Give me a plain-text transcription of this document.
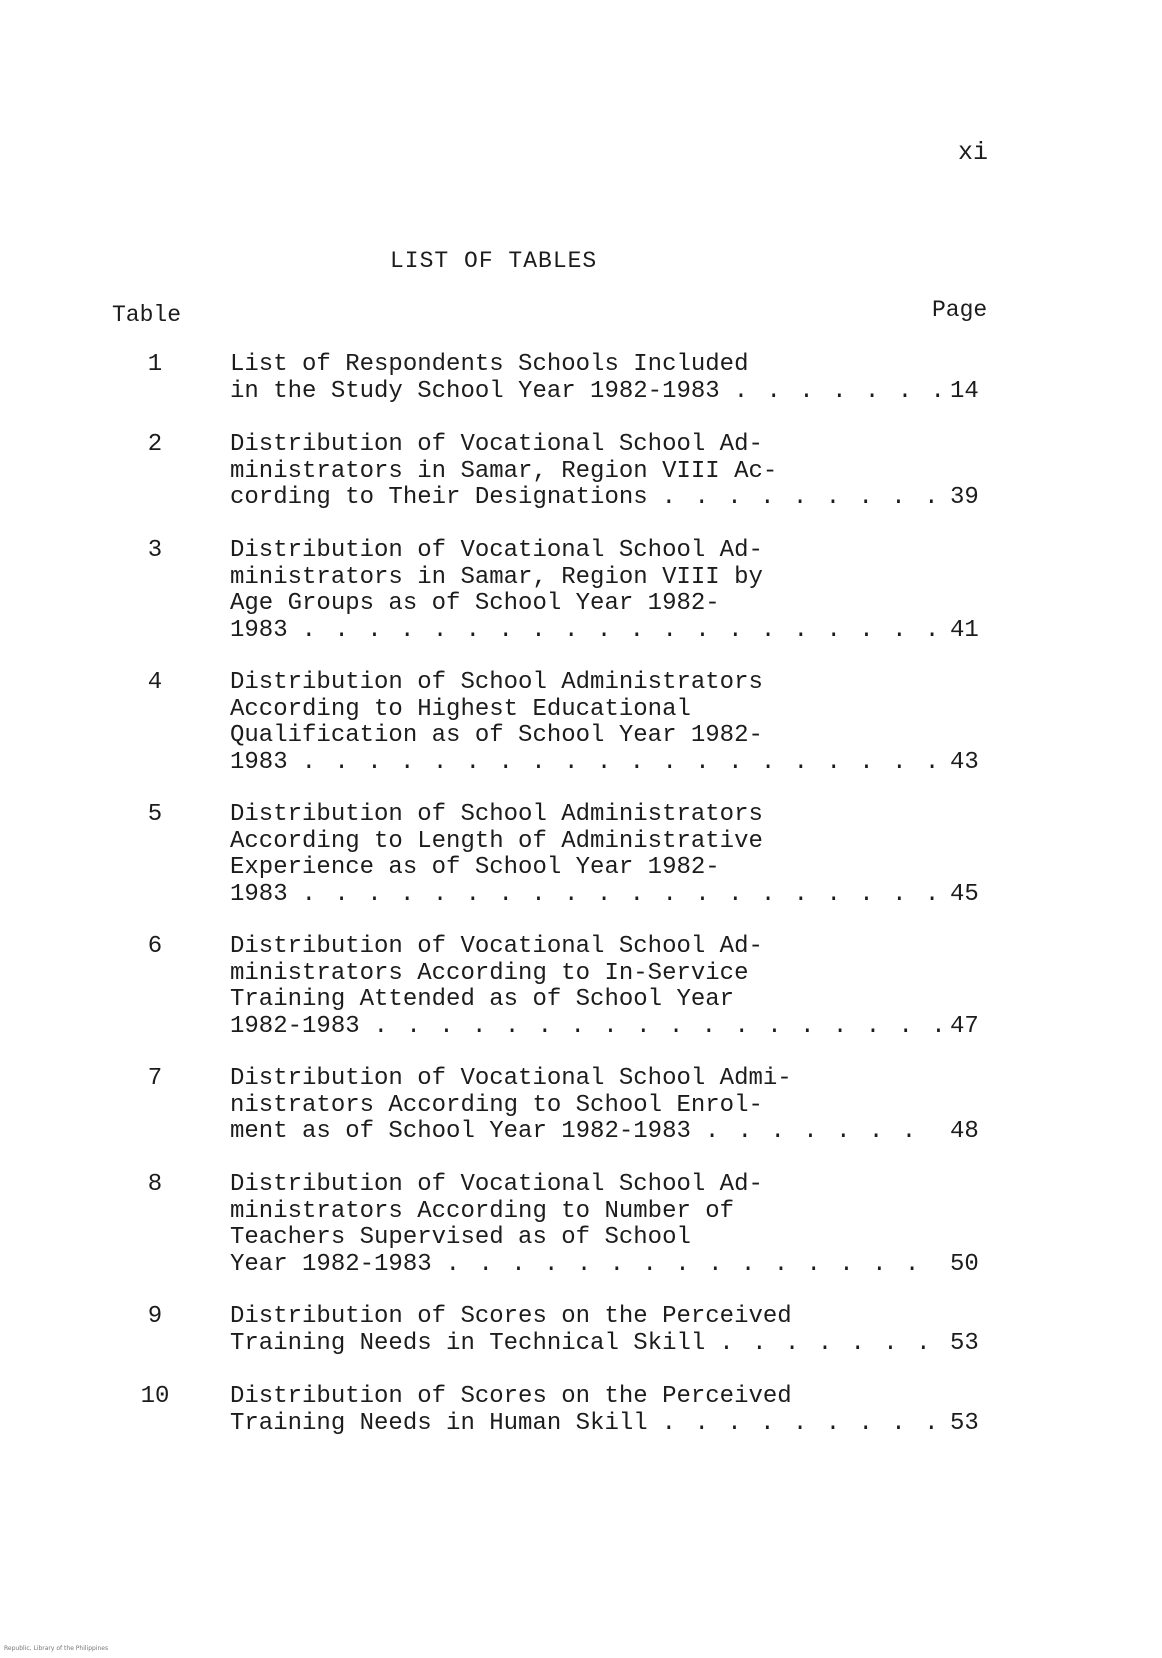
xi
LIST OF TABLES
Table	Page
1	List of Respondents Schools Included
in the Study School Year 1982-1983 . . .	14
2	Distribution of Vocational School Ad-
ministrators in Samar, Region VIII Ac-
cording to Their Designations . . .	39
3	Distribution of Vocational School Ad-
ministrators in Samar, Region VIII by
Age Groups as of School Year 1982-
1983 . . .	41
4	Distribution of School Administrators
According to Highest Educational
Qualification as of School Year 1982-
1983 . . .	43
5	Distribution of School Administrators
According to Length of Administrative
Experience as of School Year 1982-
1983 . . .	45
6	Distribution of Vocational School Ad-
ministrators According to In-Service
Training Attended as of School Year
1982-1983 . . .	47
7	Distribution of Vocational School Admi-
nistrators According to School Enrol-
ment as of School Year 1982-1983 . . .	48
8	Distribution of Vocational School Ad-
ministrators According to Number of
Teachers Supervised as of School
Year 1982-1983 . . .	50
9	Distribution of Scores on the Perceived
Training Needs in Technical Skill . . .	53
10	Distribution of Scores on the Perceived
Training Needs in Human Skill . . .	53
Republic, Library of the Philippines
